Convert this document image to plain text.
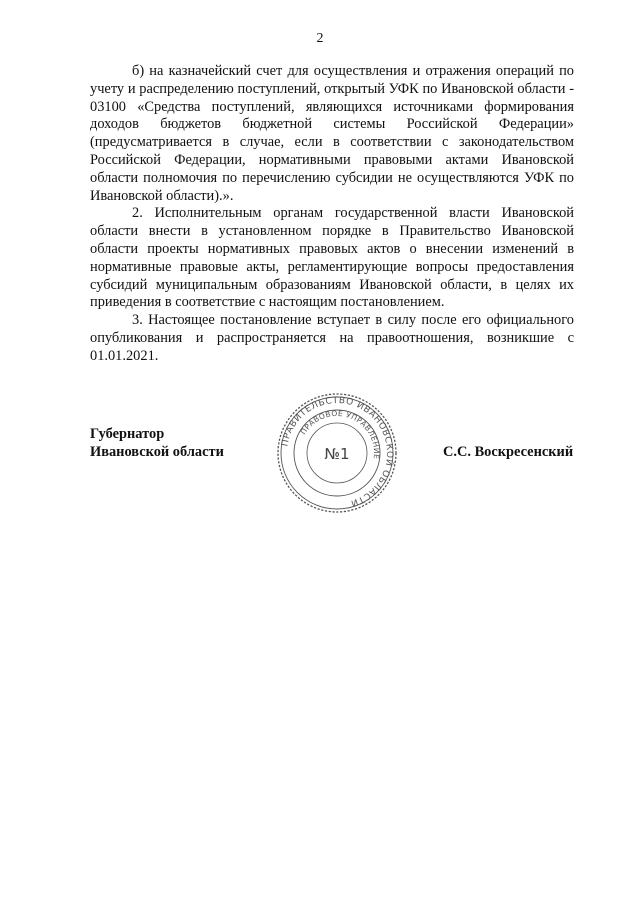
2

б) на казначейский счет для осуществления и отражения операций по учету и распределению поступлений, открытый УФК по Ивановской области - 03100 «Средства поступлений, являющихся источниками формирования доходов бюджетов бюджетной системы Российской Федерации» (предусматривается в случае, если в соответствии с законодательством Российской Федерации, нормативными правовыми актами Ивановской области полномочия по перечислению субсидии не осуществляются УФК по Ивановской области).».

2. Исполнительным органам государственной власти Ивановской области внести в установленном порядке в Правительство Ивановской области проекты нормативных правовых актов о внесении изменений в нормативные правовые акты, регламентирующие вопросы предоставления субсидий муниципальным образованиям Ивановской области, в целях их приведения в соответствие с настоящим постановлением.

3. Настоящее постановление вступает в силу после его официального опубликования и распространяется на правоотношения, возникшие с 01.01.2021.

Губернатор
Ивановской области
ПРАВИТЕЛЬСТВО ИВАНОВСКОЙ ОБЛАСТИ
ПРАВОВОЕ УПРАВЛЕНИЕ
№1	С.С. Воскресенский
